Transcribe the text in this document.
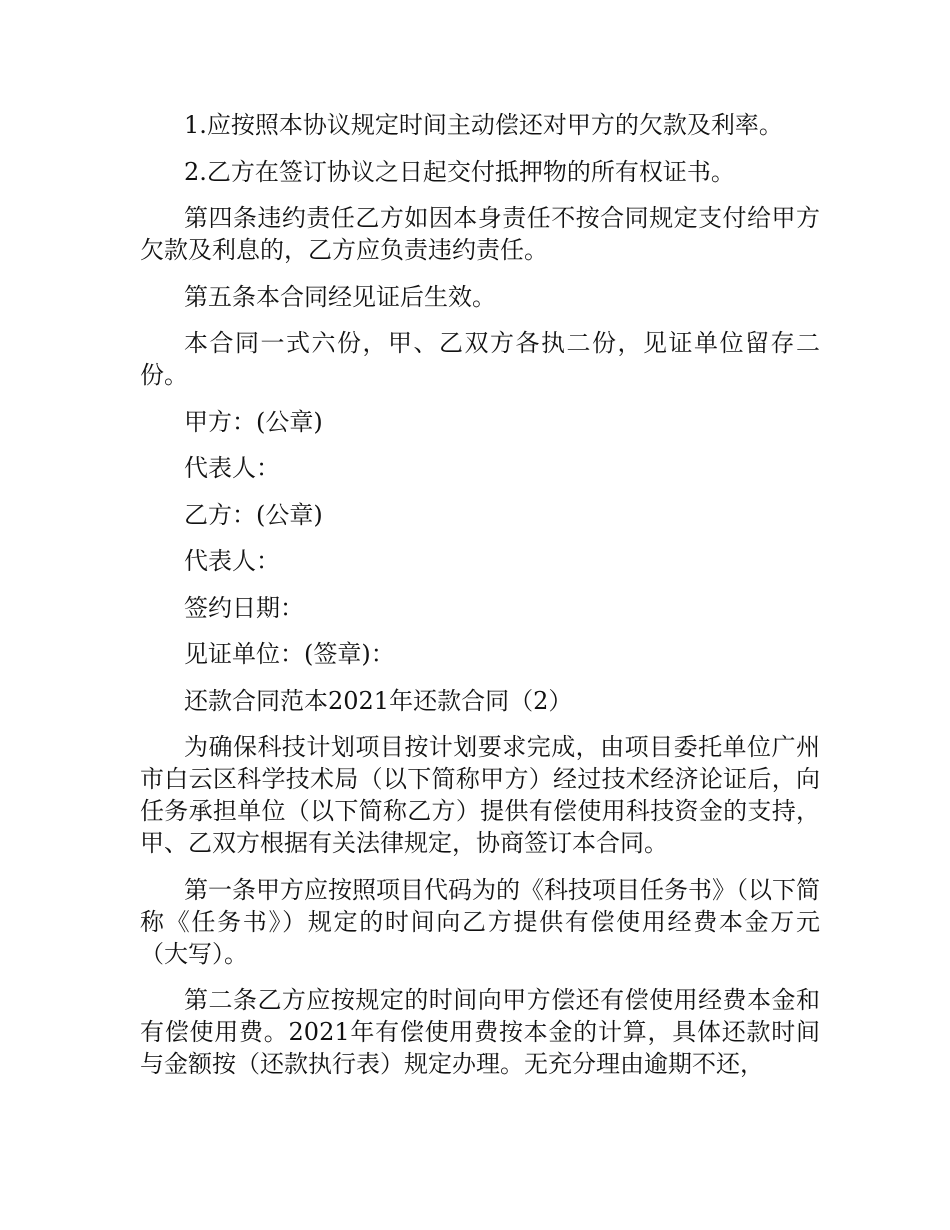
1.应按照本协议规定时间主动偿还对甲方的欠款及利率。

2.乙方在签订协议之日起交付抵押物的所有权证书。

第四条违约责任乙方如因本身责任不按合同规定支付给甲方欠款及利息的，乙方应负责违约责任。

第五条本合同经见证后生效。

本合同一式六份，甲、乙双方各执二份，见证单位留存二份。

甲方：(公章)

代表人：

乙方：(公章)

代表人：

签约日期：

见证单位：(签章)：

还款合同范本2021年还款合同（2）

为确保科技计划项目按计划要求完成，由项目委托单位广州市白云区科学技术局（以下简称甲方）经过技术经济论证后，向任务承担单位（以下简称乙方）提供有偿使用科技资金的支持，甲、乙双方根据有关法律规定，协商签订本合同。

第一条甲方应按照项目代码为的《科技项目任务书》（以下简称《任务书》）规定的时间向乙方提供有偿使用经费本金万元（大写）。

第二条乙方应按规定的时间向甲方偿还有偿使用经费本金和有偿使用费。2021年有偿使用费按本金的计算，具体还款时间与金额按（还款执行表）规定办理。无充分理由逾期不还，
